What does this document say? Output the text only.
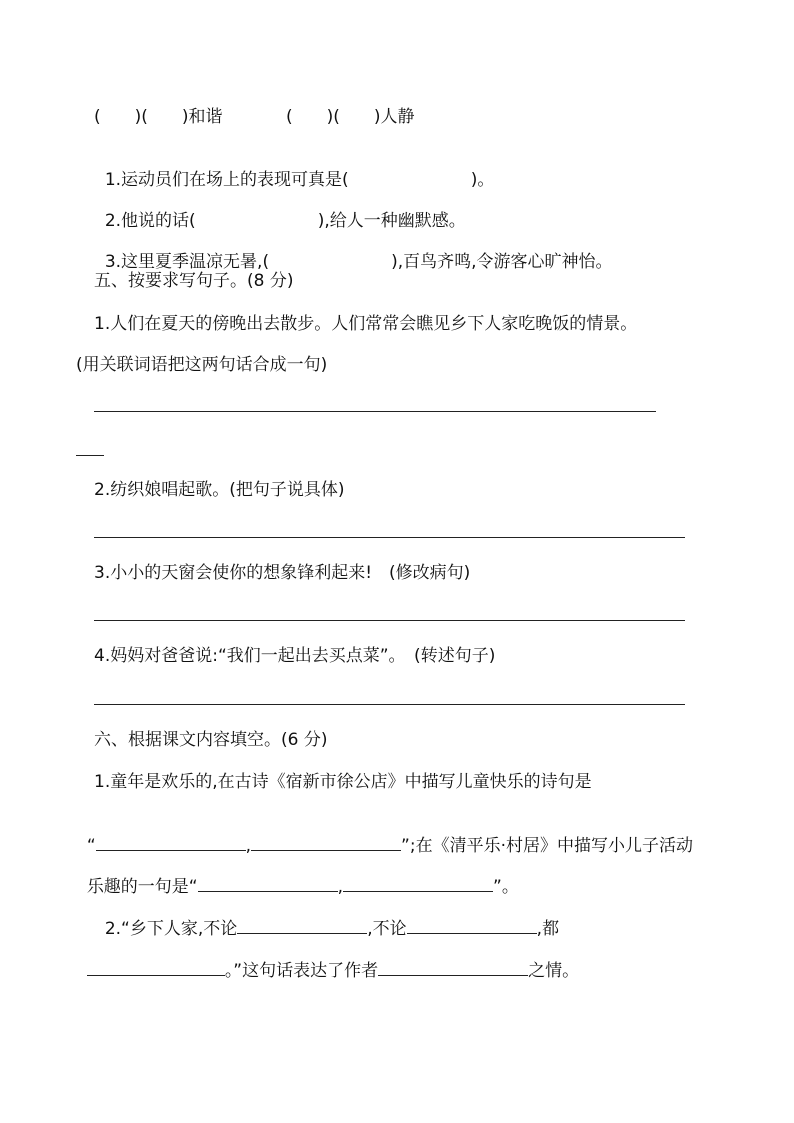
(　　)(　　)和谐	(　　)(　　)人静

1.运动员们在场上的表现可真是(	)。

2.他说的话(	),给人一种幽默感。

3.这里夏季温凉无暑,(	),百鸟齐鸣,令游客心旷神怡。

五、按要求写句子。(8 分)
1.人们在夏天的傍晚出去散步。人们常常会瞧见乡下人家吃晚饭的情景。
(用关联词语把这两句话合成一句)
2.纺织娘唱起歌。(把句子说具体)
3.小小的天窗会使你的想象锋利起来!　(修改病句)
4.妈妈对爸爸说:“我们一起出去买点菜”。　(转述句子)
六、根据课文内容填空。(6 分)
1.童年是欢乐的,在古诗《宿新市徐公店》中描写儿童快乐的诗句是

“	,	”;在《清平乐·村居》中描写小儿子活动

乐趣的一句是“	,	”。

2.“乡下人家,不论	,不论	,都

。”这句话表达了作者	之情。
